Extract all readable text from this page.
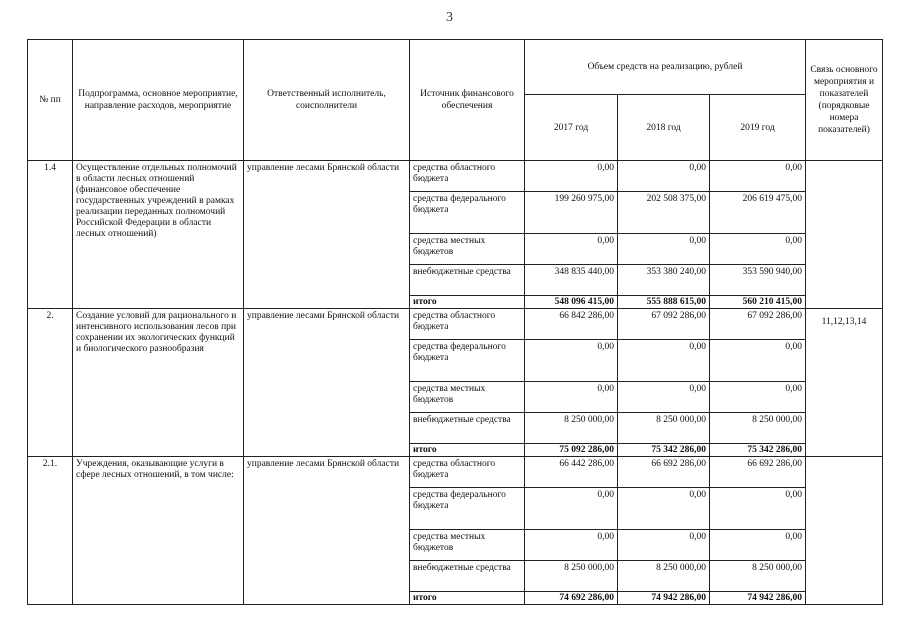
3
№ пп	Подпрограмма, основное мероприятие, направление расходов, мероприятие	Ответственный исполнитель, соисполнители	Источник финансового обеспечения	Объем средств на реализацию, рублей			Связь основного мероприятия и показателей (порядковые номера показателей)
				2017 год	2018 год	2019 год	
1.4	Осуществление отдельных полномочий в области лесных отношений (финансовое обеспечение государственных учреждений в рамках реализации переданных полномочий Российской Федерации в области лесных отношений)	управление лесами Брянской области	средства областного бюджета	0,00	0,00	0,00	
			средства федерального бюджета	199 260 975,00	202 508 375,00	206 619 475,00	
			средства местных бюджетов	0,00	0,00	0,00	
			внебюджетные средства	348 835 440,00	353 380 240,00	353 590 940,00	
			итого	548 096 415,00	555 888 615,00	560 210 415,00	
2.	Создание условий для рационального и интенсивного использования лесов при сохранении их экологических функций и биологического разнообразия	управление лесами Брянской области	средства областного бюджета	66 842 286,00	67 092 286,00	67 092 286,00	11,12,13,14
			средства федерального бюджета	0,00	0,00	0,00	
			средства местных бюджетов	0,00	0,00	0,00	
			внебюджетные средства	8 250 000,00	8 250 000,00	8 250 000,00	
			итого	75 092 286,00	75 342 286,00	75 342 286,00	
2.1.	Учреждения, оказывающие услуги в сфере лесных отношений, в том числе:	управление лесами Брянской области	средства областного бюджета	66 442 286,00	66 692 286,00	66 692 286,00	
			средства федерального бюджета	0,00	0,00	0,00	
			средства местных бюджетов	0,00	0,00	0,00	
			внебюджетные средства	8 250 000,00	8 250 000,00	8 250 000,00	
			итого	74 692 286,00	74 942 286,00	74 942 286,00	
